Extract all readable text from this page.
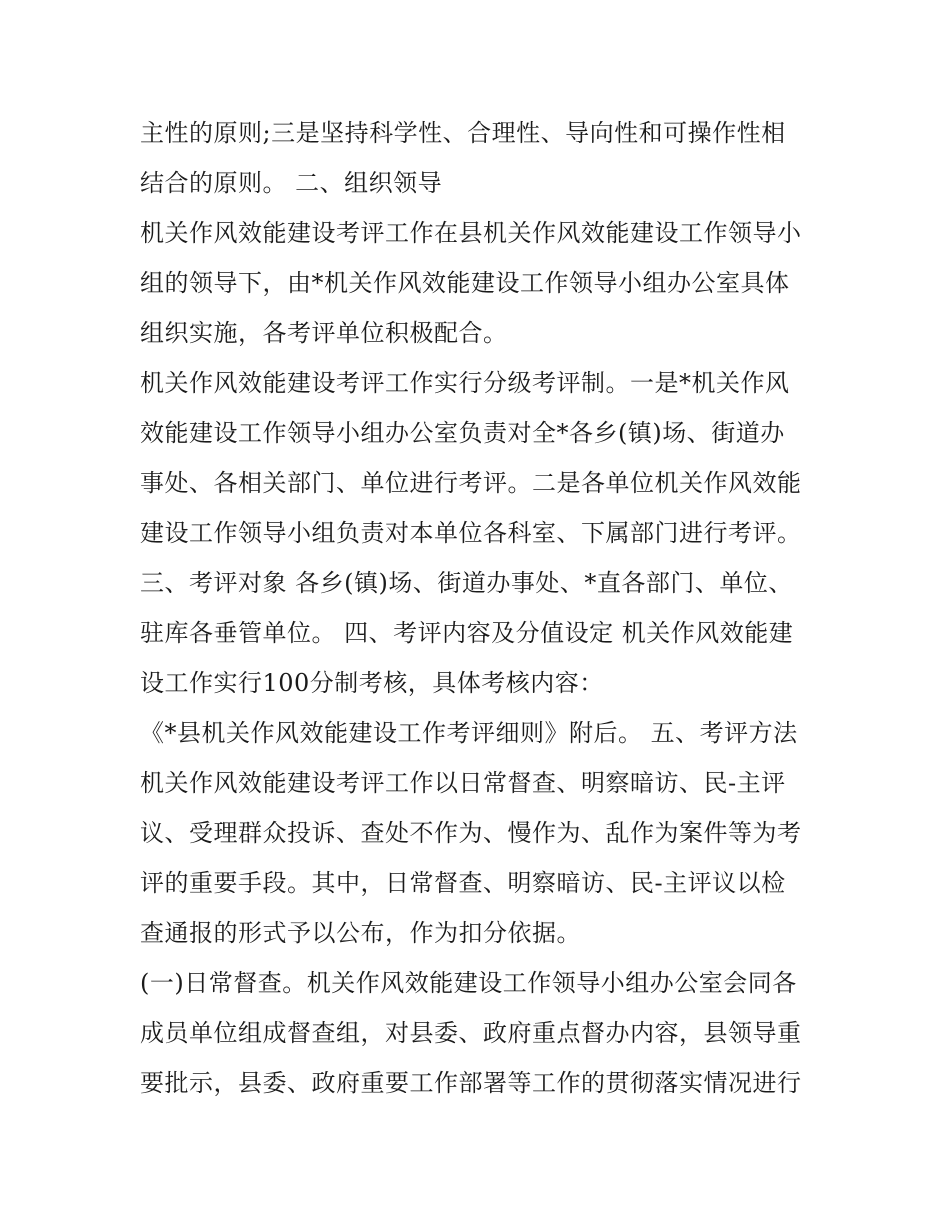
主性的原则;三是坚持科学性、合理性、导向性和可操作性相
结合的原则。 二、组织领导
机关作风效能建设考评工作在县机关作风效能建设工作领导小
组的领导下，由*机关作风效能建设工作领导小组办公室具体
组织实施，各考评单位积极配合。
机关作风效能建设考评工作实行分级考评制。一是*机关作风
效能建设工作领导小组办公室负责对全*各乡(镇)场、街道办
事处、各相关部门、单位进行考评。二是各单位机关作风效能
建设工作领导小组负责对本单位各科室、下属部门进行考评。
三、考评对象 各乡(镇)场、街道办事处、*直各部门、单位、
驻库各垂管单位。 四、考评内容及分值设定 机关作风效能建
设工作实行100分制考核，具体考核内容：
《*县机关作风效能建设工作考评细则》附后。 五、考评方法
机关作风效能建设考评工作以日常督查、明察暗访、民-主评
议、受理群众投诉、查处不作为、慢作为、乱作为案件等为考
评的重要手段。其中，日常督查、明察暗访、民-主评议以检
查通报的形式予以公布，作为扣分依据。
(一)日常督查。机关作风效能建设工作领导小组办公室会同各
成员单位组成督查组，对县委、政府重点督办内容，县领导重
要批示，县委、政府重要工作部署等工作的贯彻落实情况进行
